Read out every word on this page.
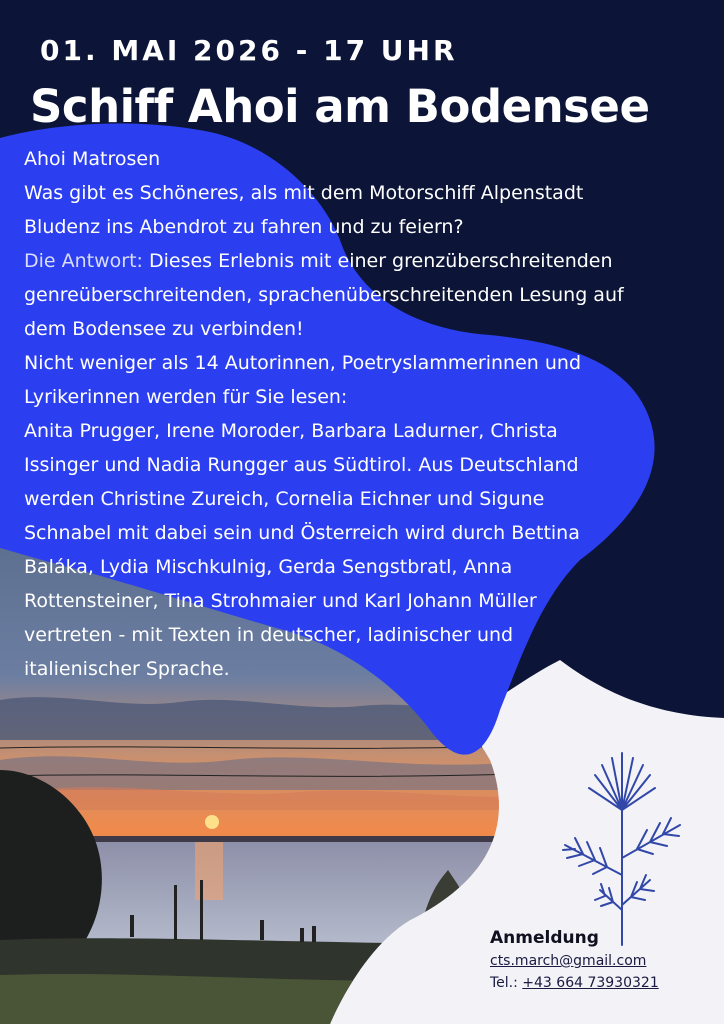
01. MAI 2026 - 17 UHR
Schiff Ahoi am Bodensee
Ahoi Matrosen
Was gibt es Schöneres, als mit dem Motorschiff Alpenstadt
Bludenz ins Abendrot zu fahren und zu feiern?
Die Antwort: Dieses Erlebnis mit einer grenzüberschreitenden
genreüberschreitenden, sprachenüberschreitenden Lesung auf
dem Bodensee zu verbinden!
Nicht weniger als 14 Autorinnen, Poetryslammerinnen und
Lyrikerinnen werden für Sie lesen:
Anita Prugger, Irene Moroder, Barbara Ladurner, Christa
Issinger und Nadia Rungger aus Südtirol. Aus Deutschland
werden Christine Zureich, Cornelia Eichner und Sigune
Schnabel mit dabei sein und Österreich wird durch Bettina
Baláka, Lydia Mischkulnig, Gerda Sengstbratl, Anna
Rottensteiner, Tina Strohmaier und Karl Johann Müller
vertreten - mit Texten in deutscher, ladinischer und
italienischer Sprache.
Anmeldung
cts.march@gmail.com
Tel.: +43 664 73930321
